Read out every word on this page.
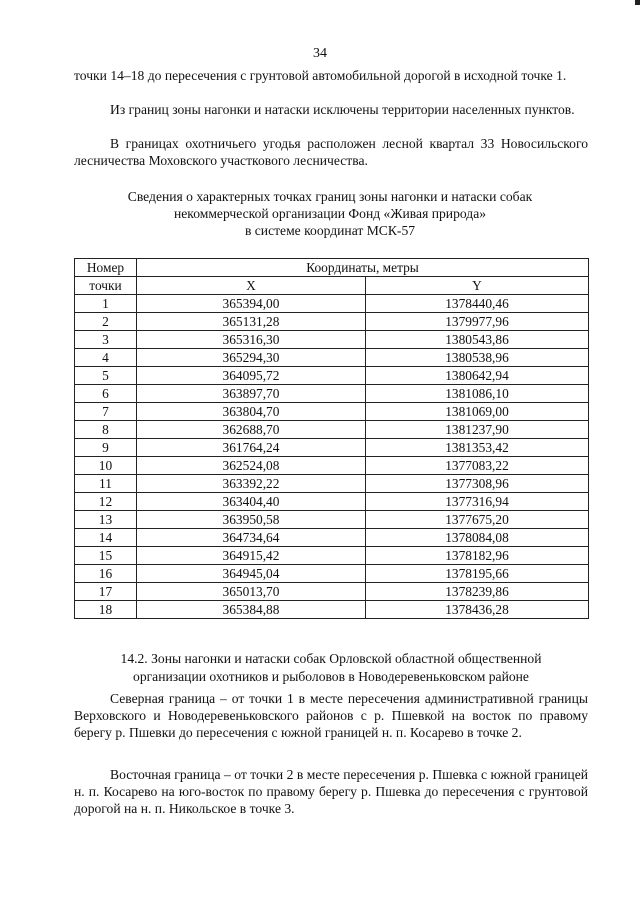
34

точки 14–18 до пересечения с грунтовой автомобильной дорогой в исходной точке 1.

Из границ зоны нагонки и натаски исключены территории населенных пунктов.

В границах охотничьего угодья расположен лесной квартал 33 Новосильского лесничества Моховского участкового лесничества.

Сведения о характерных точках границ зоны нагонки и натаски собак
некоммерческой организации Фонд «Живая природа»
в системе координат МСК-57
Номер	Координаты, метры	
точки	X	Y
1	365394,00	1378440,46
2	365131,28	1379977,96
3	365316,30	1380543,86
4	365294,30	1380538,96
5	364095,72	1380642,94
6	363897,70	1381086,10
7	363804,70	1381069,00
8	362688,70	1381237,90
9	361764,24	1381353,42
10	362524,08	1377083,22
11	363392,22	1377308,96
12	363404,40	1377316,94
13	363950,58	1377675,20
14	364734,64	1378084,08
15	364915,42	1378182,96
16	364945,04	1378195,66
17	365013,70	1378239,86
18	365384,88	1378436,28
14.2. Зоны нагонки и натаски собак Орловской областной общественной
организации охотников и рыболовов в Новодеревеньковском районе

Северная граница – от точки 1 в месте пересечения административной границы Верховского и Новодеревеньковского районов с р. Пшевкой на восток по правому берегу р. Пшевки до пересечения с южной границей н. п. Косарево в точке 2.

Восточная граница – от точки 2 в месте пересечения р. Пшевка с южной границей н. п. Косарево на юго-восток по правому берегу р. Пшевка до пересечения с грунтовой дорогой на н. п. Никольское в точке 3.
